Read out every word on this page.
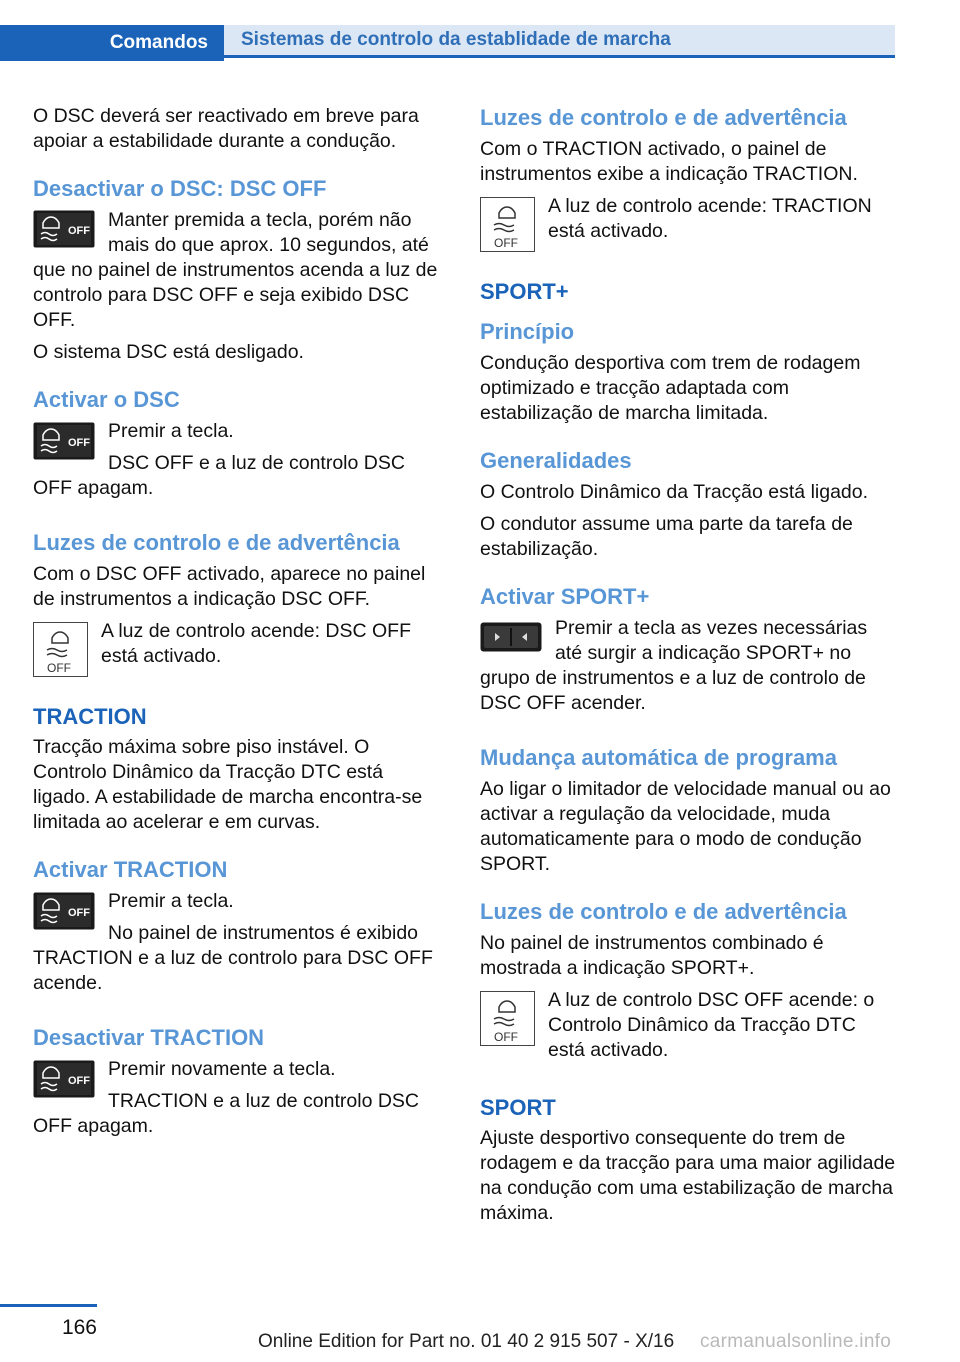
Comandos	Sistemas de controlo da establidade de marcha

O DSC deverá ser reactivado em breve para apoiar a estabilidade durante a condução.

Desactivar o DSC: DSC OFF
OFF Manter premida a tecla, porém não mais do que aprox. 10 segundos, até que no painel de instrumentos acenda a luz de controlo para DSC OFF e seja exibido DSC OFF.

O sistema DSC está desligado.

Activar o DSC
OFF

Premir a tecla.

DSC OFF e a luz de controlo DSC OFF apagam.

Luzes de controlo e de advertência

Com o DSC OFF activado, aparece no painel de instrumentos a indicação DSC OFF.

OFF

A luz de controlo acende: DSC OFF está activado.

TRACTION

Tracção máxima sobre piso instável. O Controlo Dinâmico da Tracção DTC está ligado. A estabilidade de marcha encontra-se limitada ao acelerar e em curvas.

Activar TRACTION
OFF

Premir a tecla.

No painel de instrumentos é exibido TRACTION e a luz de controlo para DSC OFF acende.

Desactivar TRACTION
OFF

Premir novamente a tecla.

TRACTION e a luz de controlo DSC OFF apagam.

Luzes de controlo e de advertência

Com o TRACTION activado, o painel de instrumentos exibe a indicação TRACTION.

OFF

A luz de controlo acende: TRACTION está activado.

SPORT+
Princípio

Condução desportiva com trem de rodagem optimizado e tracção adaptada com estabilização de marcha limitada.

Generalidades

O Controlo Dinâmico da Tracção está ligado.

O condutor assume uma parte da tarefa de estabilização.

Activar SPORT+

Premir a tecla as vezes necessárias até surgir a indicação SPORT+ no grupo de instrumentos e a luz de controlo de DSC OFF acender.

Mudança automática de programa

Ao ligar o limitador de velocidade manual ou ao activar a regulação da velocidade, muda automaticamente para o modo de condução SPORT.

Luzes de controlo e de advertência

No painel de instrumentos combinado é mostrada a indicação SPORT+.

OFF

A luz de controlo DSC OFF acende: o Controlo Dinâmico da Tracção DTC está activado.

SPORT

Ajuste desportivo consequente do trem de rodagem e da tracção para uma maior agilidade na condução com uma estabilização de marcha máxima.

166
Online Edition for Part no. 01 40 2 915 507 - X/16 carmanualsonline.info
